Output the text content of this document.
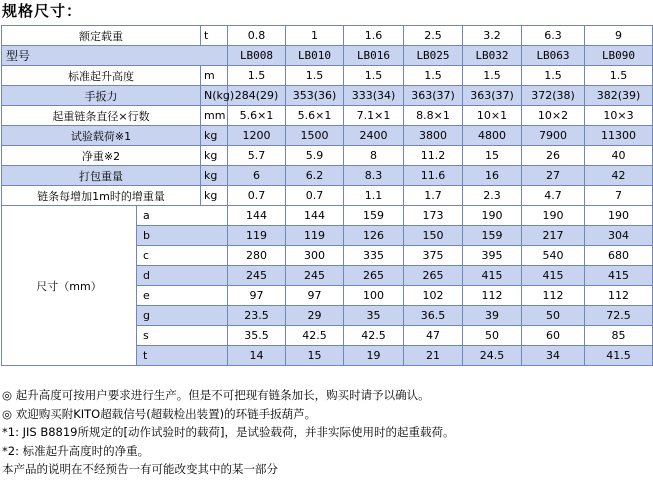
规格尺寸：
额定载重		t	0.8	1	1.6	2.5	3.2	6.3	9
型号			LB008	LB010	LB016	LB025	LB032	LB063	LB090
标准起升高度		m	1.5	1.5	1.5	1.5	1.5	1.5	1.5
手扳力		N(kg)	284(29)	353(36)	333(34)	363(37)	363(37)	372(38)	382(39)
起重链条直径×行数		mm	5.6×1	5.6×1	7.1×1	8.8×1	10×1	10×2	10×3
试验载荷※1		kg	1200	1500	2400	3800	4800	7900	11300
净重※2		kg	5.7	5.9	8	11.2	15	26	40
打包重量		kg	6	6.2	8.3	11.6	16	27	42
链条每增加1m时的增重量		kg	0.7	0.7	1.1	1.7	2.3	4.7	7
尺寸（mm）	a		144	144	159	173	190	190	190
	b		119	119	126	150	159	217	304
	c		280	300	335	375	395	540	680
	d		245	245	265	265	415	415	415
	e		97	97	100	102	112	112	112
	g		23.5	29	35	36.5	39	50	72.5
	s		35.5	42.5	42.5	47	50	60	85
	t		14	15	19	21	24.5	34	41.5
◎ 起升高度可按用户要求进行生产。但是不可把现有链条加长，购买时请予以确认。
◎ 欢迎购买附KITO超载信号(超载检出装置)的环链手扳葫芦。
*1: JIS B8819所规定的[动作试验时的载荷]，是试验载荷，并非实际使用时的起重载荷。
*2: 标准起升高度时的净重。
本产品的说明在不经预告一有可能改变其中的某一部分
